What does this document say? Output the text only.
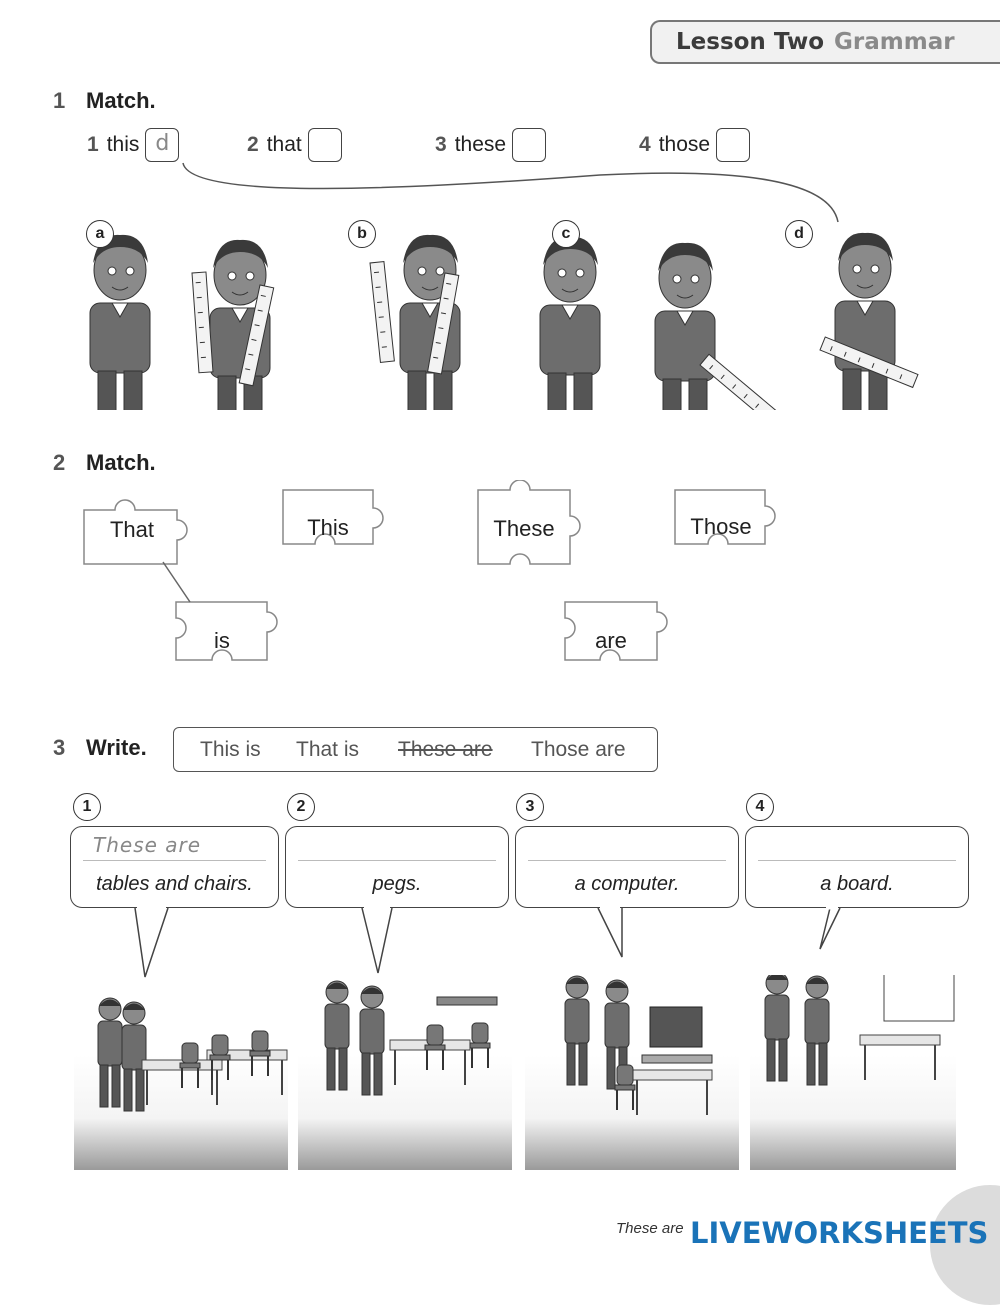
Lesson Two Grammar
1 Match.
1 this d	2 that	3 these	4 those
a	b	c	d
2 Match.
That	This	These	Those
is	are
3 Write.	This is That is These are Those are
1	2	3	4
These are
tables and chairs.	pegs.	a computer.	a board.
These are LIVEWORKSHEETS
